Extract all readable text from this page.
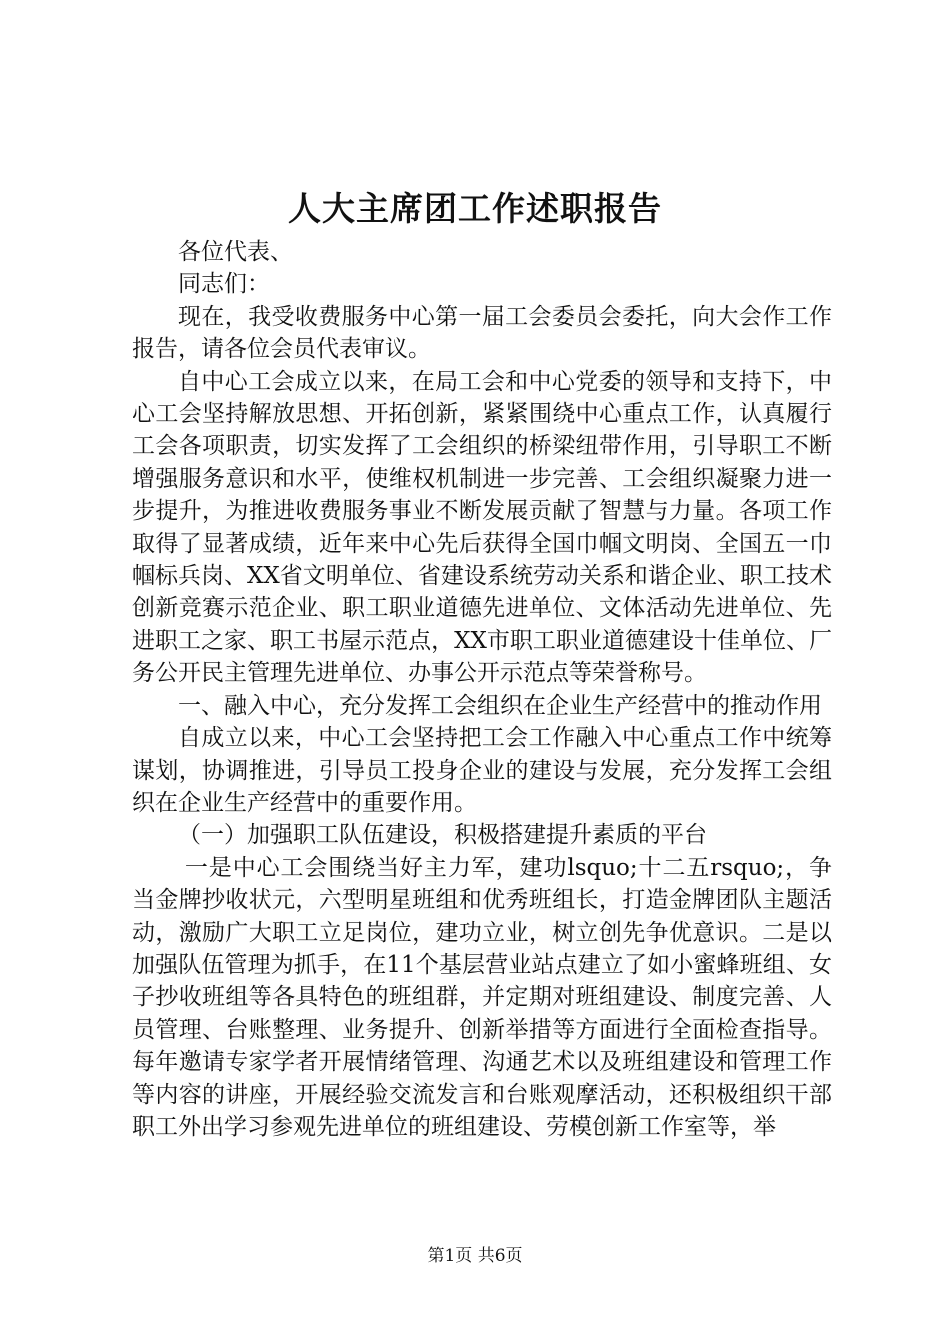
人大主席团工作述职报告

各位代表、

同志们：

现在，我受收费服务中心第一届工会委员会委托，向大会作工作报告，请各位会员代表审议。

自中心工会成立以来，在局工会和中心党委的领导和支持下，中心工会坚持解放思想、开拓创新，紧紧围绕中心重点工作，认真履行工会各项职责，切实发挥了工会组织的桥梁纽带作用，引导职工不断增强服务意识和水平，使维权机制进一步完善、工会组织凝聚力进一步提升，为推进收费服务事业不断发展贡献了智慧与力量。各项工作取得了显著成绩，近年来中心先后获得全国巾帼文明岗、全国五一巾帼标兵岗、XX省文明单位、省建设系统劳动关系和谐企业、职工技术创新竞赛示范企业、职工职业道德先进单位、文体活动先进单位、先进职工之家、职工书屋示范点，XX市职工职业道德建设十佳单位、厂务公开民主管理先进单位、办事公开示范点等荣誉称号。

一、融入中心，充分发挥工会组织在企业生产经营中的推动作用

自成立以来，中心工会坚持把工会工作融入中心重点工作中统筹谋划，协调推进，引导员工投身企业的建设与发展，充分发挥工会组织在企业生产经营中的重要作用。

（一）加强职工队伍建设，积极搭建提升素质的平台

一是中心工会围绕当好主力军，建功lsquo;十二五rsquo;，争当金牌抄收状元，六型明星班组和优秀班组长，打造金牌团队主题活动，激励广大职工立足岗位，建功立业，树立创先争优意识。二是以加强队伍管理为抓手，在11个基层营业站点建立了如小蜜蜂班组、女子抄收班组等各具特色的班组群，并定期对班组建设、制度完善、人员管理、台账整理、业务提升、创新举措等方面进行全面检查指导。每年邀请专家学者开展情绪管理、沟通艺术以及班组建设和管理工作等内容的讲座，开展经验交流发言和台账观摩活动，还积极组织干部职工外出学习参观先进单位的班组建设、劳模创新工作室等，举

第1页 共6页
